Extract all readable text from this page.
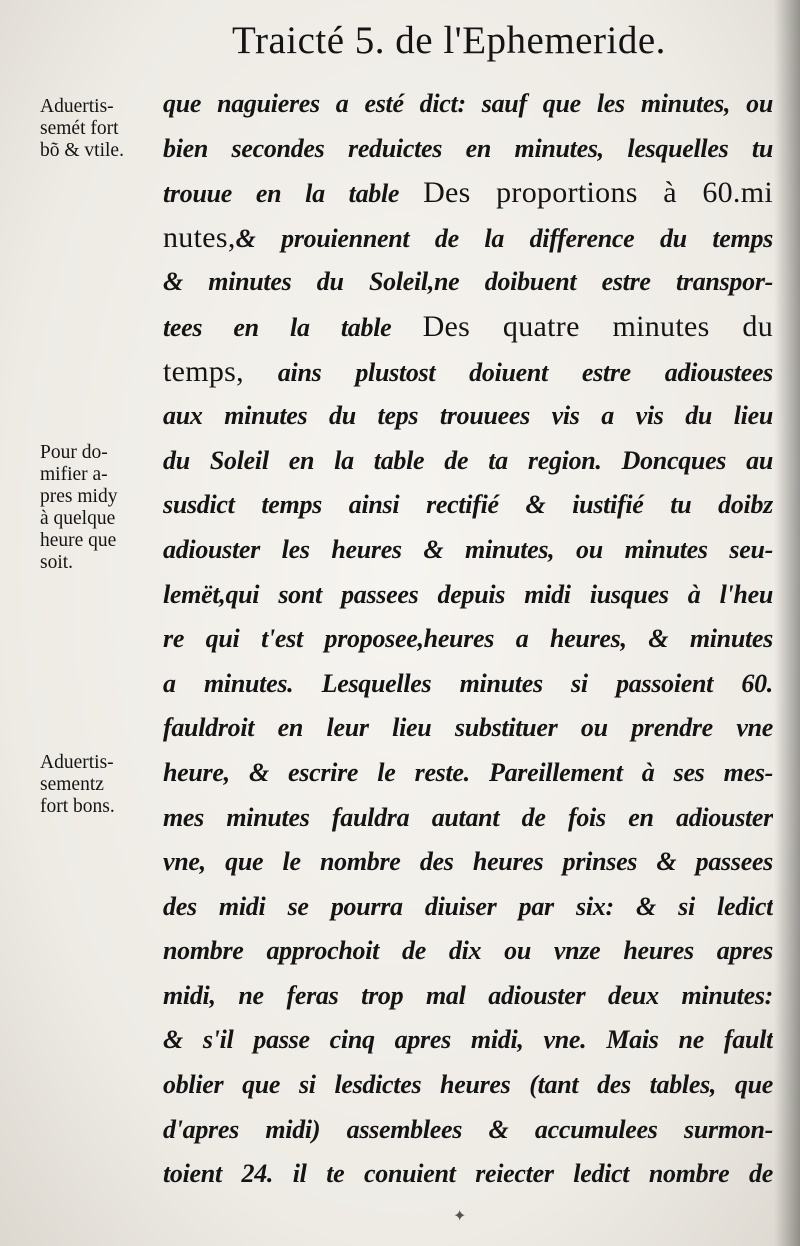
Traicté 5. de l'Ephemeride.
Aduertis-
semét fort
bõ & vtile.
Pour do-
mifier a-
pres midy
à quelque
heure que
soit.
Aduertis-
sementz
fort bons.
que naguieres a esté dict: sauf que les minutes, ou
bien secondes reduictes en minutes, lesquelles tu
trouue en la table Des proportions à 60.mi
nutes,& prouiennent de la difference du temps
& minutes du Soleil,ne doibuent estre transpor-
tees en la table Des quatre minutes du
temps, ains plustost doiuent estre adioustees
aux minutes du teps trouuees vis a vis du lieu
du Soleil en la table de ta region. Doncques au
susdict temps ainsi rectifié & iustifié tu doibz
adiouster les heures & minutes, ou minutes seu-
lemët,qui sont passees depuis midi iusques à l'heu
re qui t'est proposee,heures a heures, & minutes
a minutes. Lesquelles minutes si passoient 60.
fauldroit en leur lieu substituer ou prendre vne
heure, & escrire le reste. Pareillement à ses mes-
mes minutes fauldra autant de fois en adiouster
vne, que le nombre des heures prinses & passees
des midi se pourra diuiser par six: & si ledict
nombre approchoit de dix ou vnze heures apres
midi, ne feras trop mal adiouster deux minutes:
& s'il passe cinq apres midi, vne. Mais ne fault
oblier que si lesdictes heures (tant des tables, que
d'apres midi) assemblees & accumulees surmon-
toient 24. il te conuient reiecter ledict nombre de
✦
